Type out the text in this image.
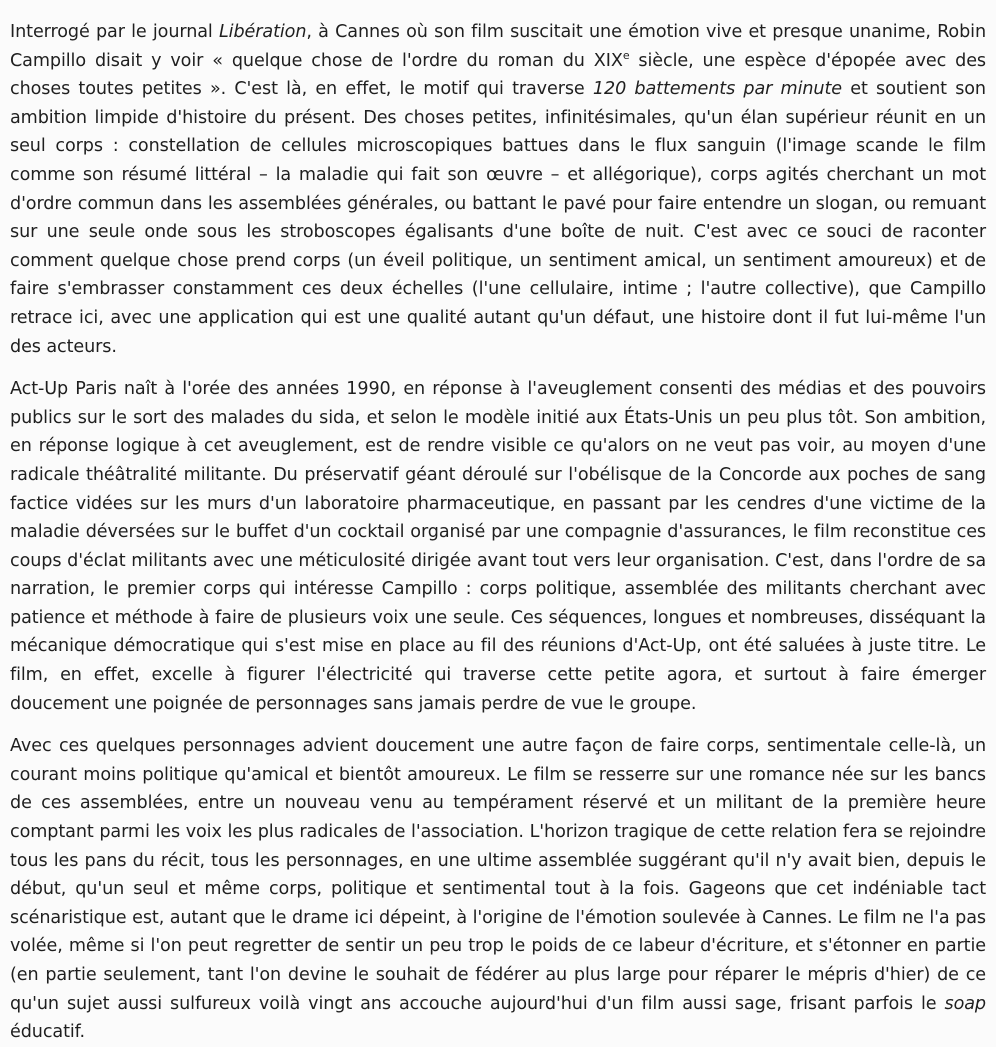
Interrogé par le journal Libération, à Cannes où son film suscitait une émotion vive et presque unanime, Robin Campillo disait y voir « quelque chose de l'ordre du roman du XIXe siècle, une espèce d'épopée avec des choses toutes petites ». C'est là, en effet, le motif qui traverse 120 battements par minute et soutient son ambition limpide d'histoire du présent. Des choses petites, infinitésimales, qu'un élan supérieur réunit en un seul corps : constellation de cellules microscopiques battues dans le flux sanguin (l'image scande le film comme son résumé littéral – la maladie qui fait son œuvre – et allégorique), corps agités cherchant un mot d'ordre commun dans les assemblées générales, ou battant le pavé pour faire entendre un slogan, ou remuant sur une seule onde sous les stroboscopes égalisants d'une boîte de nuit. C'est avec ce souci de raconter comment quelque chose prend corps (un éveil politique, un sentiment amical, un sentiment amoureux) et de faire s'embrasser constamment ces deux échelles (l'une cellulaire, intime ; l'autre collective), que Campillo retrace ici, avec une application qui est une qualité autant qu'un défaut, une histoire dont il fut lui-même l'un des acteurs.

Act-Up Paris naît à l'orée des années 1990, en réponse à l'aveuglement consenti des médias et des pouvoirs publics sur le sort des malades du sida, et selon le modèle initié aux États-Unis un peu plus tôt. Son ambition, en réponse logique à cet aveuglement, est de rendre visible ce qu'alors on ne veut pas voir, au moyen d'une radicale théâtralité militante. Du préservatif géant déroulé sur l'obélisque de la Concorde aux poches de sang factice vidées sur les murs d'un laboratoire pharmaceutique, en passant par les cendres d'une victime de la maladie déversées sur le buffet d'un cocktail organisé par une compagnie d'assurances, le film reconstitue ces coups d'éclat militants avec une méticulosité dirigée avant tout vers leur organisation. C'est, dans l'ordre de sa narration, le premier corps qui intéresse Campillo : corps politique, assemblée des militants cherchant avec patience et méthode à faire de plusieurs voix une seule. Ces séquences, longues et nombreuses, disséquant la mécanique démocratique qui s'est mise en place au fil des réunions d'Act-Up, ont été saluées à juste titre. Le film, en effet, excelle à figurer l'électricité qui traverse cette petite agora, et surtout à faire émerger doucement une poignée de personnages sans jamais perdre de vue le groupe.

Avec ces quelques personnages advient doucement une autre façon de faire corps, sentimentale celle-là, un courant moins politique qu'amical et bientôt amoureux. Le film se resserre sur une romance née sur les bancs de ces assemblées, entre un nouveau venu au tempérament réservé et un militant de la première heure comptant parmi les voix les plus radicales de l'association. L'horizon tragique de cette relation fera se rejoindre tous les pans du récit, tous les personnages, en une ultime assemblée suggérant qu'il n'y avait bien, depuis le début, qu'un seul et même corps, politique et sentimental tout à la fois. Gageons que cet indéniable tact scénaristique est, autant que le drame ici dépeint, à l'origine de l'émotion soulevée à Cannes. Le film ne l'a pas volée, même si l'on peut regretter de sentir un peu trop le poids de ce labeur d'écriture, et s'étonner en partie (en partie seulement, tant l'on devine le souhait de fédérer au plus large pour réparer le mépris d'hier) de ce qu'un sujet aussi sulfureux voilà vingt ans accouche aujourd'hui d'un film aussi sage, frisant parfois le soap éducatif.
